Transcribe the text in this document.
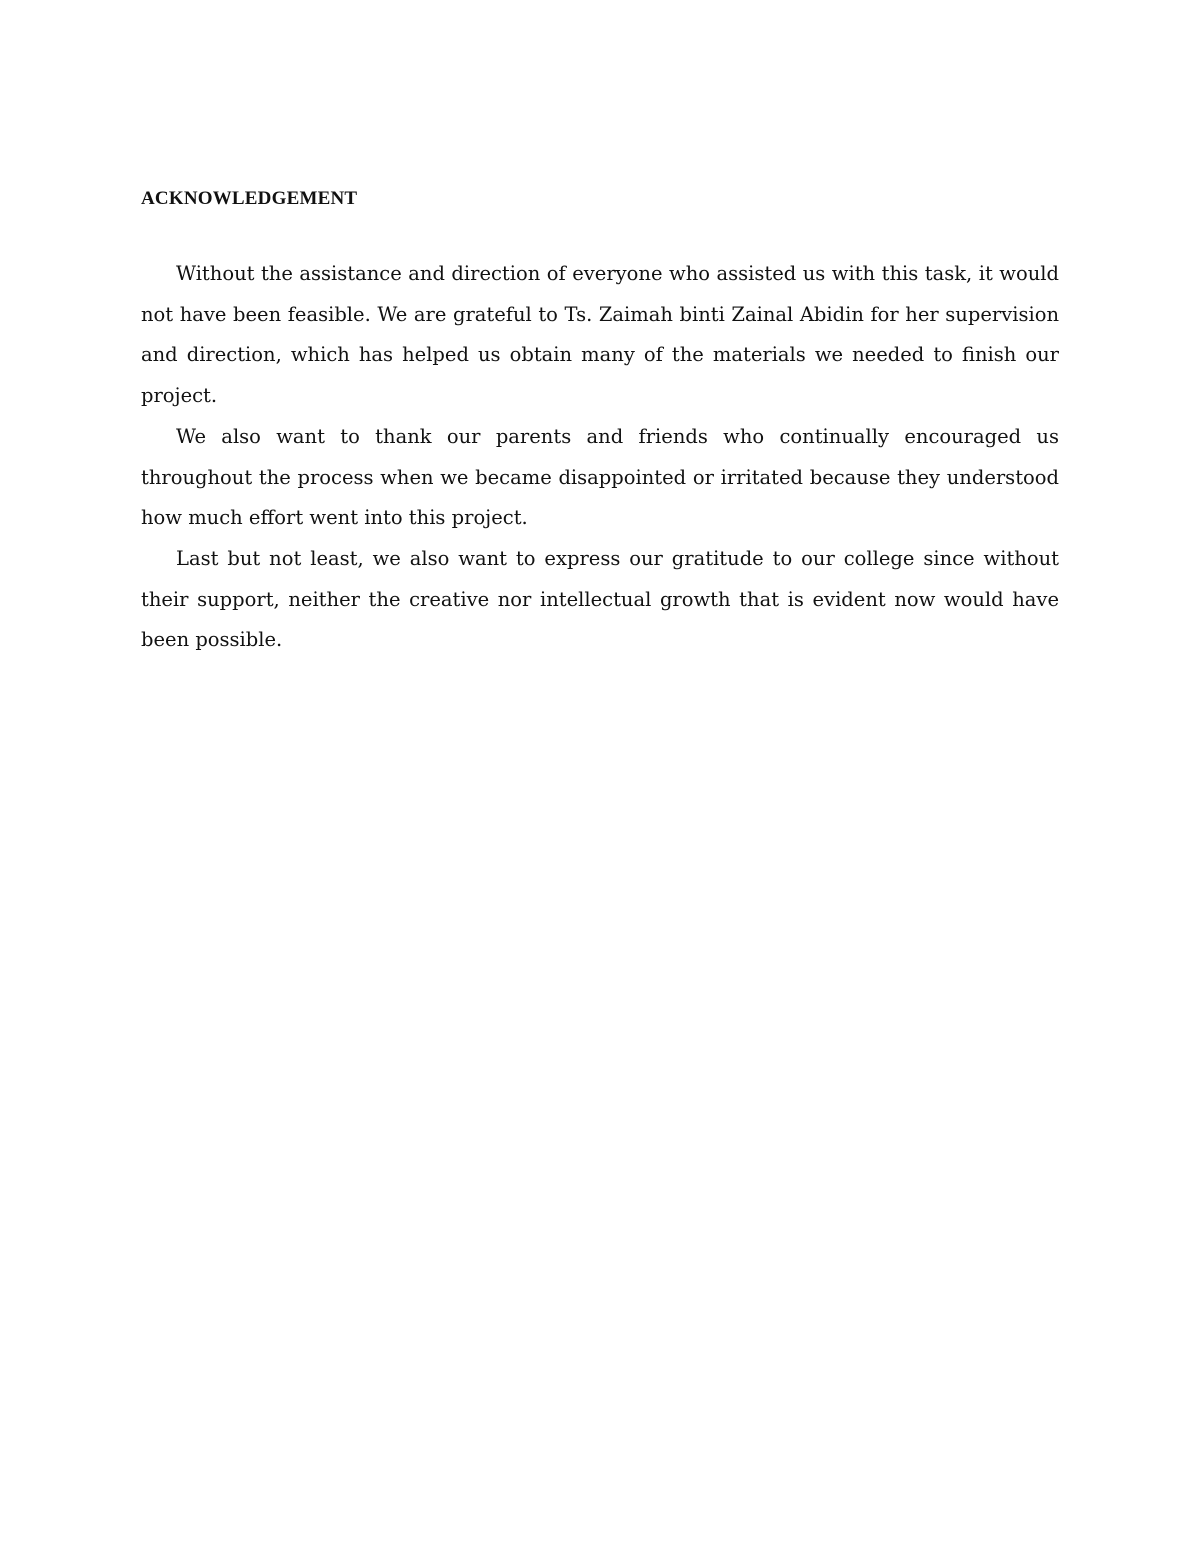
ACKNOWLEDGEMENT

Without the assistance and direction of everyone who assisted us with this task, it would not have been feasible. We are grateful to Ts. Zaimah binti Zainal Abidin for her supervision and direction, which has helped us obtain many of the materials we needed to finish our project.

We also want to thank our parents and friends who continually encouraged us throughout the process when we became disappointed or irritated because they understood how much effort went into this project.

Last but not least, we also want to express our gratitude to our college since without their support, neither the creative nor intellectual growth that is evident now would have been possible.
